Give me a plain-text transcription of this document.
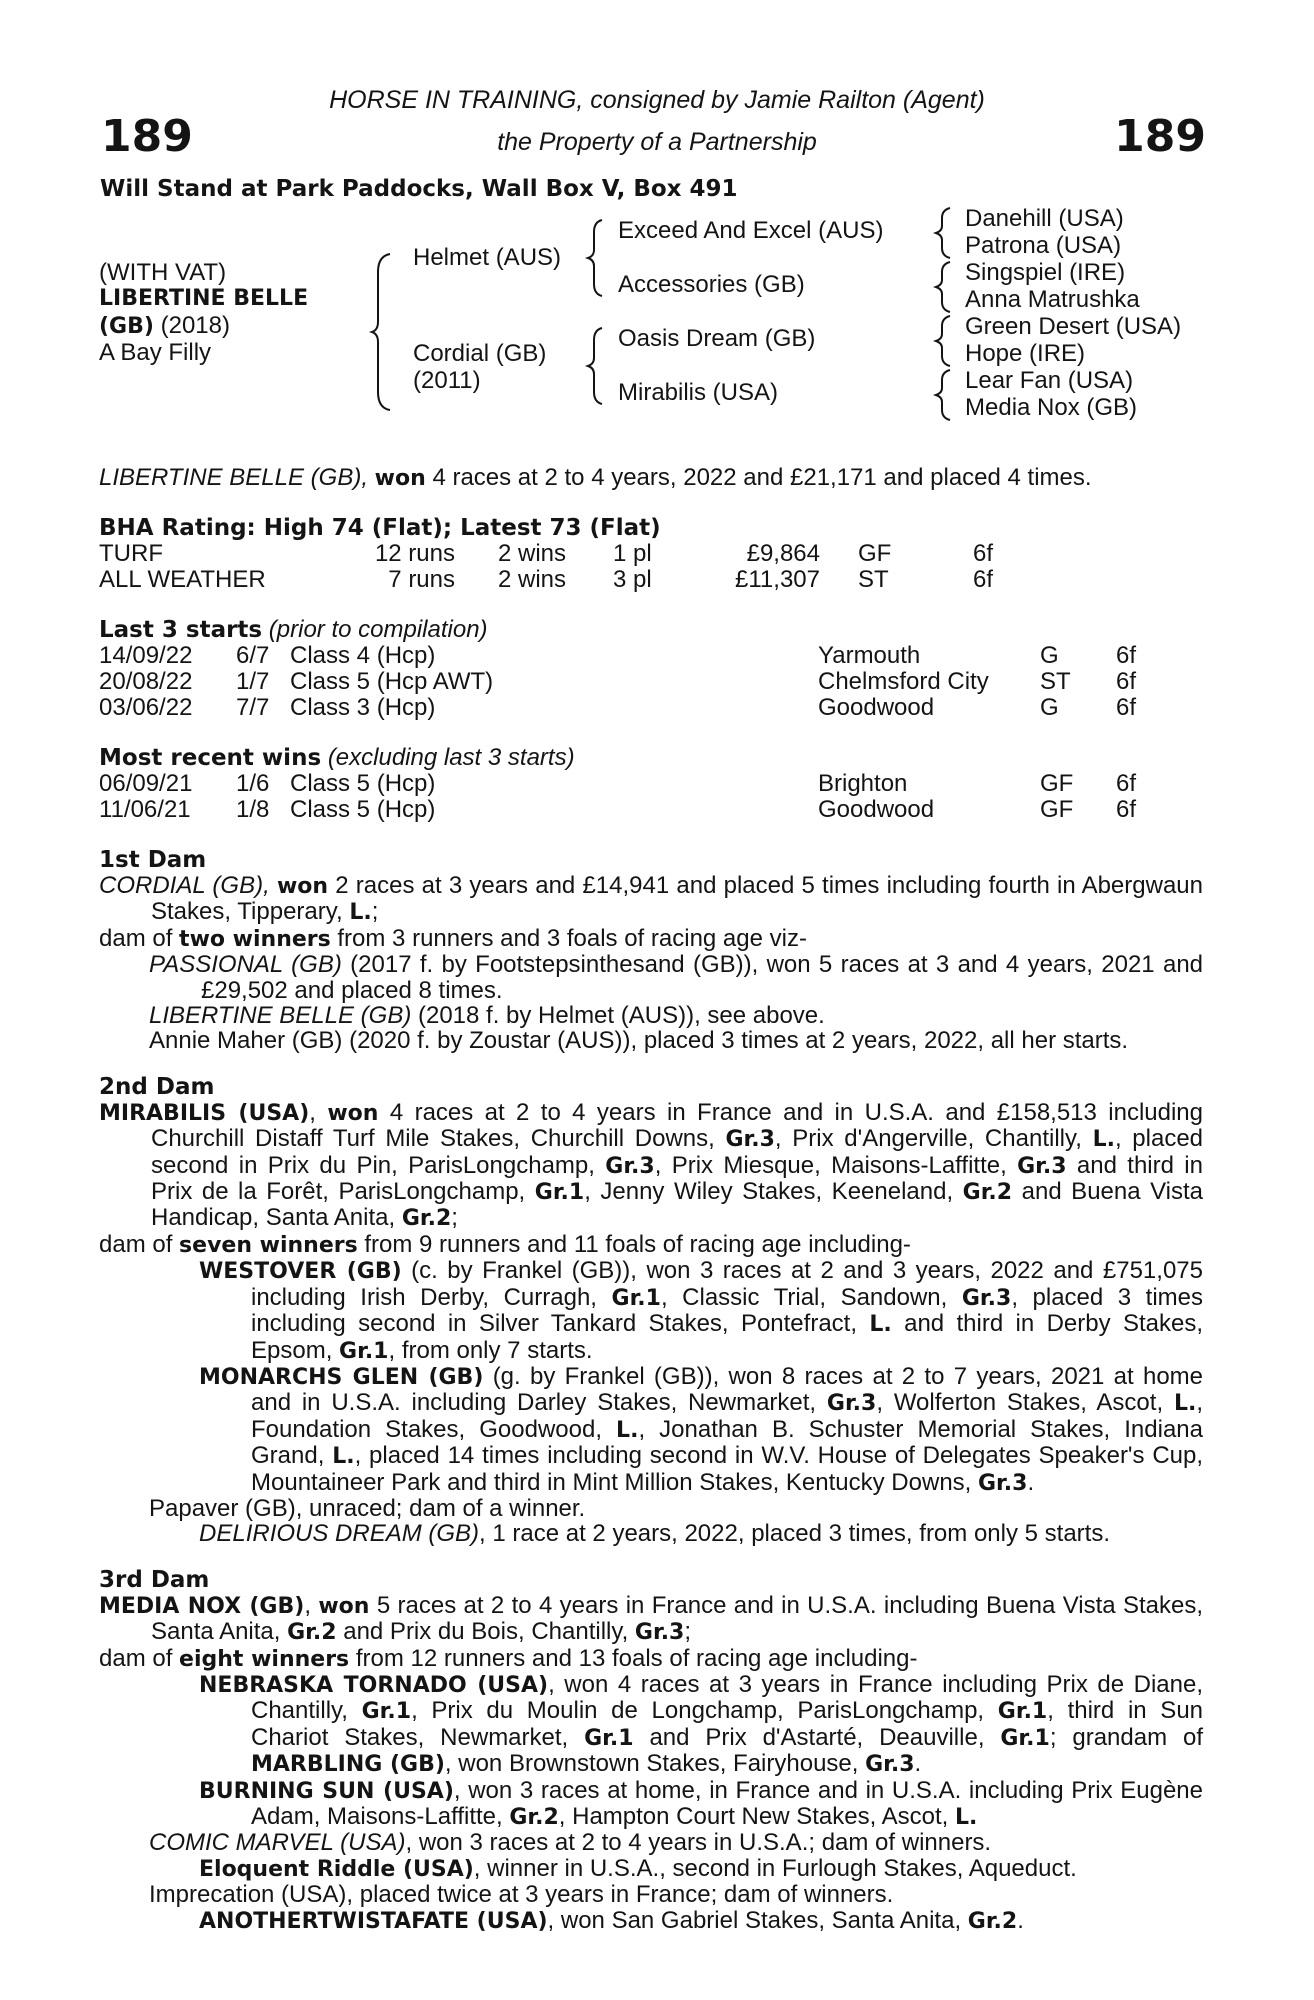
189	189
HORSE IN TRAINING, consigned by Jamie Railton (Agent)
the Property of a Partnership
Will Stand at Park Paddocks, Wall Box V, Box 491
(WITH VAT)
LIBERTINE BELLE
(GB) (2018)
A Bay Filly
Helmet (AUS)
Cordial (GB)
(2011)
Exceed And Excel (AUS)
Accessories (GB)
Oasis Dream (GB)
Mirabilis (USA)
Danehill (USA)
Patrona (USA)
Singspiel (IRE)
Anna Matrushka
Green Desert (USA)
Hope (IRE)
Lear Fan (USA)
Media Nox (GB)
LIBERTINE BELLE (GB), won 4 races at 2 to 4 years, 2022 and £21,171 and placed 4 times.
BHA Rating: High 74 (Flat); Latest 73 (Flat)
TURF	12 runs 2 wins 1 pl	£9,864 GF	6f
ALL WEATHER	7 runs 2 wins 3 pl	£11,307 ST	6f
Last 3 starts (prior to compilation)
14/09/22 6/7 Class 4 (Hcp)	Yarmouth	G 6f
20/08/22 1/7 Class 5 (Hcp AWT)	Chelmsford City ST 6f
03/06/22 7/7 Class 3 (Hcp)	Goodwood	G 6f
Most recent wins (excluding last 3 starts)
06/09/21 1/6 Class 5 (Hcp)	Brighton	GF 6f
11/06/21 1/8 Class 5 (Hcp)	Goodwood	GF 6f
1st Dam

CORDIAL (GB), won 2 races at 3 years and £14,941 and placed 5 times including fourth in Abergwaun Stakes, Tipperary, L.;

dam of two winners from 3 runners and 3 foals of racing age viz-

PASSIONAL (GB) (2017 f. by Footstepsinthesand (GB)), won 5 races at 3 and 4 years, 2021 and £29,502 and placed 8 times.

LIBERTINE BELLE (GB) (2018 f. by Helmet (AUS)), see above.

Annie Maher (GB) (2020 f. by Zoustar (AUS)), placed 3 times at 2 years, 2022, all her starts.

2nd Dam

MIRABILIS (USA), won 4 races at 2 to 4 years in France and in U.S.A. and £158,513 including Churchill Distaff Turf Mile Stakes, Churchill Downs, Gr.3, Prix d'Angerville, Chantilly, L., placed second in Prix du Pin, ParisLongchamp, Gr.3, Prix Miesque, Maisons-Laffitte, Gr.3 and third in Prix de la Forêt, ParisLongchamp, Gr.1, Jenny Wiley Stakes, Keeneland, Gr.2 and Buena Vista Handicap, Santa Anita, Gr.2;

dam of seven winners from 9 runners and 11 foals of racing age including-

WESTOVER (GB) (c. by Frankel (GB)), won 3 races at 2 and 3 years, 2022 and £751,075 including Irish Derby, Curragh, Gr.1, Classic Trial, Sandown, Gr.3, placed 3 times including second in Silver Tankard Stakes, Pontefract, L. and third in Derby Stakes, Epsom, Gr.1, from only 7 starts.

MONARCHS GLEN (GB) (g. by Frankel (GB)), won 8 races at 2 to 7 years, 2021 at home and in U.S.A. including Darley Stakes, Newmarket, Gr.3, Wolferton Stakes, Ascot, L., Foundation Stakes, Goodwood, L., Jonathan B. Schuster Memorial Stakes, Indiana Grand, L., placed 14 times including second in W.V. House of Delegates Speaker's Cup, Mountaineer Park and third in Mint Million Stakes, Kentucky Downs, Gr.3.

Papaver (GB), unraced; dam of a winner.

DELIRIOUS DREAM (GB), 1 race at 2 years, 2022, placed 3 times, from only 5 starts.

3rd Dam

MEDIA NOX (GB), won 5 races at 2 to 4 years in France and in U.S.A. including Buena Vista Stakes, Santa Anita, Gr.2 and Prix du Bois, Chantilly, Gr.3;

dam of eight winners from 12 runners and 13 foals of racing age including-

NEBRASKA TORNADO (USA), won 4 races at 3 years in France including Prix de Diane, Chantilly, Gr.1, Prix du Moulin de Longchamp, ParisLongchamp, Gr.1, third in Sun Chariot Stakes, Newmarket, Gr.1 and Prix d'Astarté, Deauville, Gr.1; grandam of MARBLING (GB), won Brownstown Stakes, Fairyhouse, Gr.3.

BURNING SUN (USA), won 3 races at home, in France and in U.S.A. including Prix Eugène Adam, Maisons-Laffitte, Gr.2, Hampton Court New Stakes, Ascot, L.

COMIC MARVEL (USA), won 3 races at 2 to 4 years in U.S.A.; dam of winners.

Eloquent Riddle (USA), winner in U.S.A., second in Furlough Stakes, Aqueduct.

Imprecation (USA), placed twice at 3 years in France; dam of winners.

ANOTHERTWISTAFATE (USA), won San Gabriel Stakes, Santa Anita, Gr.2.
